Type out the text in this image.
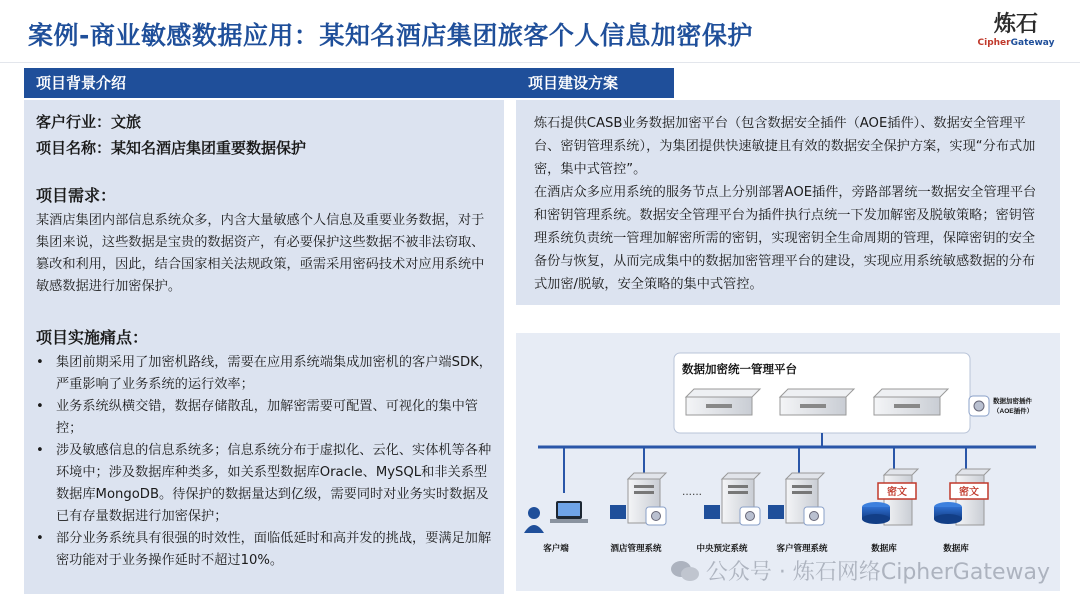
案例-商业敏感数据应用：某知名酒店集团旅客个人信息加密保护	炼石
CipherGateway
项目背景介绍
客户行业：文旅
项目名称：某知名酒店集团重要数据保护
项目需求：
某酒店集团内部信息系统众多，内含大量敏感个人信息及重要业务数据，对于集团来说，这些数据是宝贵的数据资产，有必要保护这些数据不被非法窃取、篡改和利用，因此，结合国家相关法规政策，亟需采用密码技术对应用系统中敏感数据进行加密保护。
项目实施痛点：
• 集团前期采用了加密机路线，需要在应用系统端集成加密机的客户端SDK，严重影响了业务系统的运行效率；
• 业务系统纵横交错，数据存储散乱，加解密需要可配置、可视化的集中管控；
• 涉及敏感信息的信息系统多；信息系统分布于虚拟化、云化、实体机等各种环境中；涉及数据库种类多，如关系型数据库Oracle、MySQL和非关系型数据库MongoDB。待保护的数据量达到亿级，需要同时对业务实时数据及已有存量数据进行加密保护；
• 部分业务系统具有很强的时效性，面临低延时和高并发的挑战，要满足加解密功能对于业务操作延时不超过10%。
项目建设方案
炼石提供CASB业务数据加密平台（包含数据安全插件（AOE插件）、数据安全管理平台、密钥管理系统），为集团提供快速敏捷且有效的数据安全保护方案，实现“分布式加密，集中式管控”。
在酒店众多应用系统的服务节点上分别部署AOE插件，旁路部署统一数据安全管理平台和密钥管理系统。数据安全管理平台为插件执行点统一下发加解密及脱敏策略；密钥管理系统负责统一管理加解密所需的密钥，实现密钥全生命周期的管理，保障密钥的安全备份与恢复，从而完成集中的数据加密管理平台的建设，实现应用系统敏感数据的分布式加密/脱敏，安全策略的集中式管控。
数据加密统一管理平台
数据加密插件
（AOE插件）
......	密文	密文
客户端	酒店管理系统	中央预定系统	客户管理系统	数据库	数据库
公众号 · 炼石网络CipherGateway
